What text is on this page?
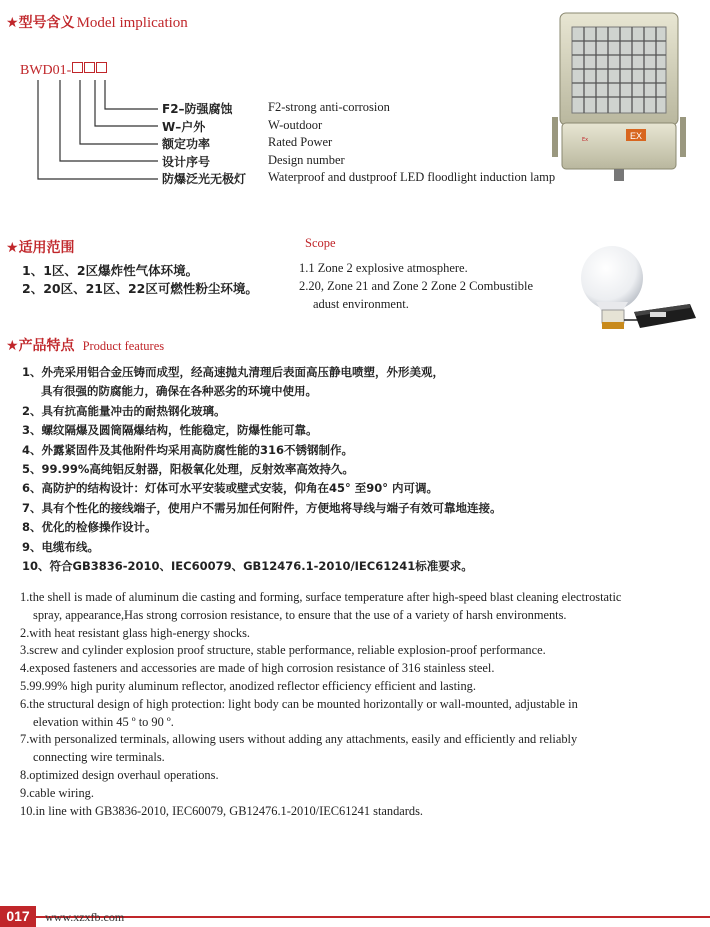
★型号含义 Model implication
BWD01-
F2–防强腐蚀
W–户外
额定功率
设计序号
防爆泛光无极灯
F2-strong anti-corrosion
W-outdoor
Rated Power
Design number
Waterproof and dustproof LED floodlight induction lamp
EX
Ex
★适用范围	Scope
1、1区、2区爆炸性气体环境。
2、20区、21区、22区可燃性粉尘环境。
1.1 Zone 2 explosive atmosphere.
2.20, Zone 21 and Zone 2 Zone 2 Combustible
adust environment.
★产品特点 Product features
1、外壳采用铝合金压铸而成型，经高速抛丸清理后表面高压静电喷塑，外形美观，
具有很强的防腐能力，确保在各种恶劣的环境中使用。
2、具有抗高能量冲击的耐热钢化玻璃。
3、螺纹隔爆及圆筒隔爆结构，性能稳定，防爆性能可靠。
4、外露紧固件及其他附件均采用高防腐性能的316不锈钢制作。
5、99.99%高纯铝反射器，阳极氧化处理，反射效率高效持久。
6、高防护的结构设计：灯体可水平安装或壁式安装，仰角在45° 至90° 内可调。
7、具有个性化的接线端子，使用户不需另加任何附件，方便地将导线与端子有效可靠地连接。
8、优化的检修操作设计。
9、电缆布线。
10、符合GB3836-2010、IEC60079、GB12476.1-2010/IEC61241标准要求。
1.the shell is made of aluminum die casting and forming, surface temperature after high-speed blast cleaning electrostatic
spray, appearance,Has strong corrosion resistance, to ensure that the use of a variety of harsh environments.
2.with heat resistant glass high-energy shocks.
3.screw and cylinder explosion proof structure, stable performance, reliable explosion-proof performance.
4.exposed fasteners and accessories are made of high corrosion resistance of 316 stainless steel.
5.99.99% high purity aluminum reflector, anodized reflector efficiency efficient and lasting.
6.the structural design of high protection: light body can be mounted horizontally or wall-mounted, adjustable in
elevation within 45 º to 90 º.
7.with personalized terminals, allowing users without adding any attachments, easily and efficiently and reliably
connecting wire terminals.
8.optimized design overhaul operations.
9.cable wiring.
10.in line with GB3836-2010, IEC60079, GB12476.1-2010/IEC61241 standards.
017	www.xzxfb.com
